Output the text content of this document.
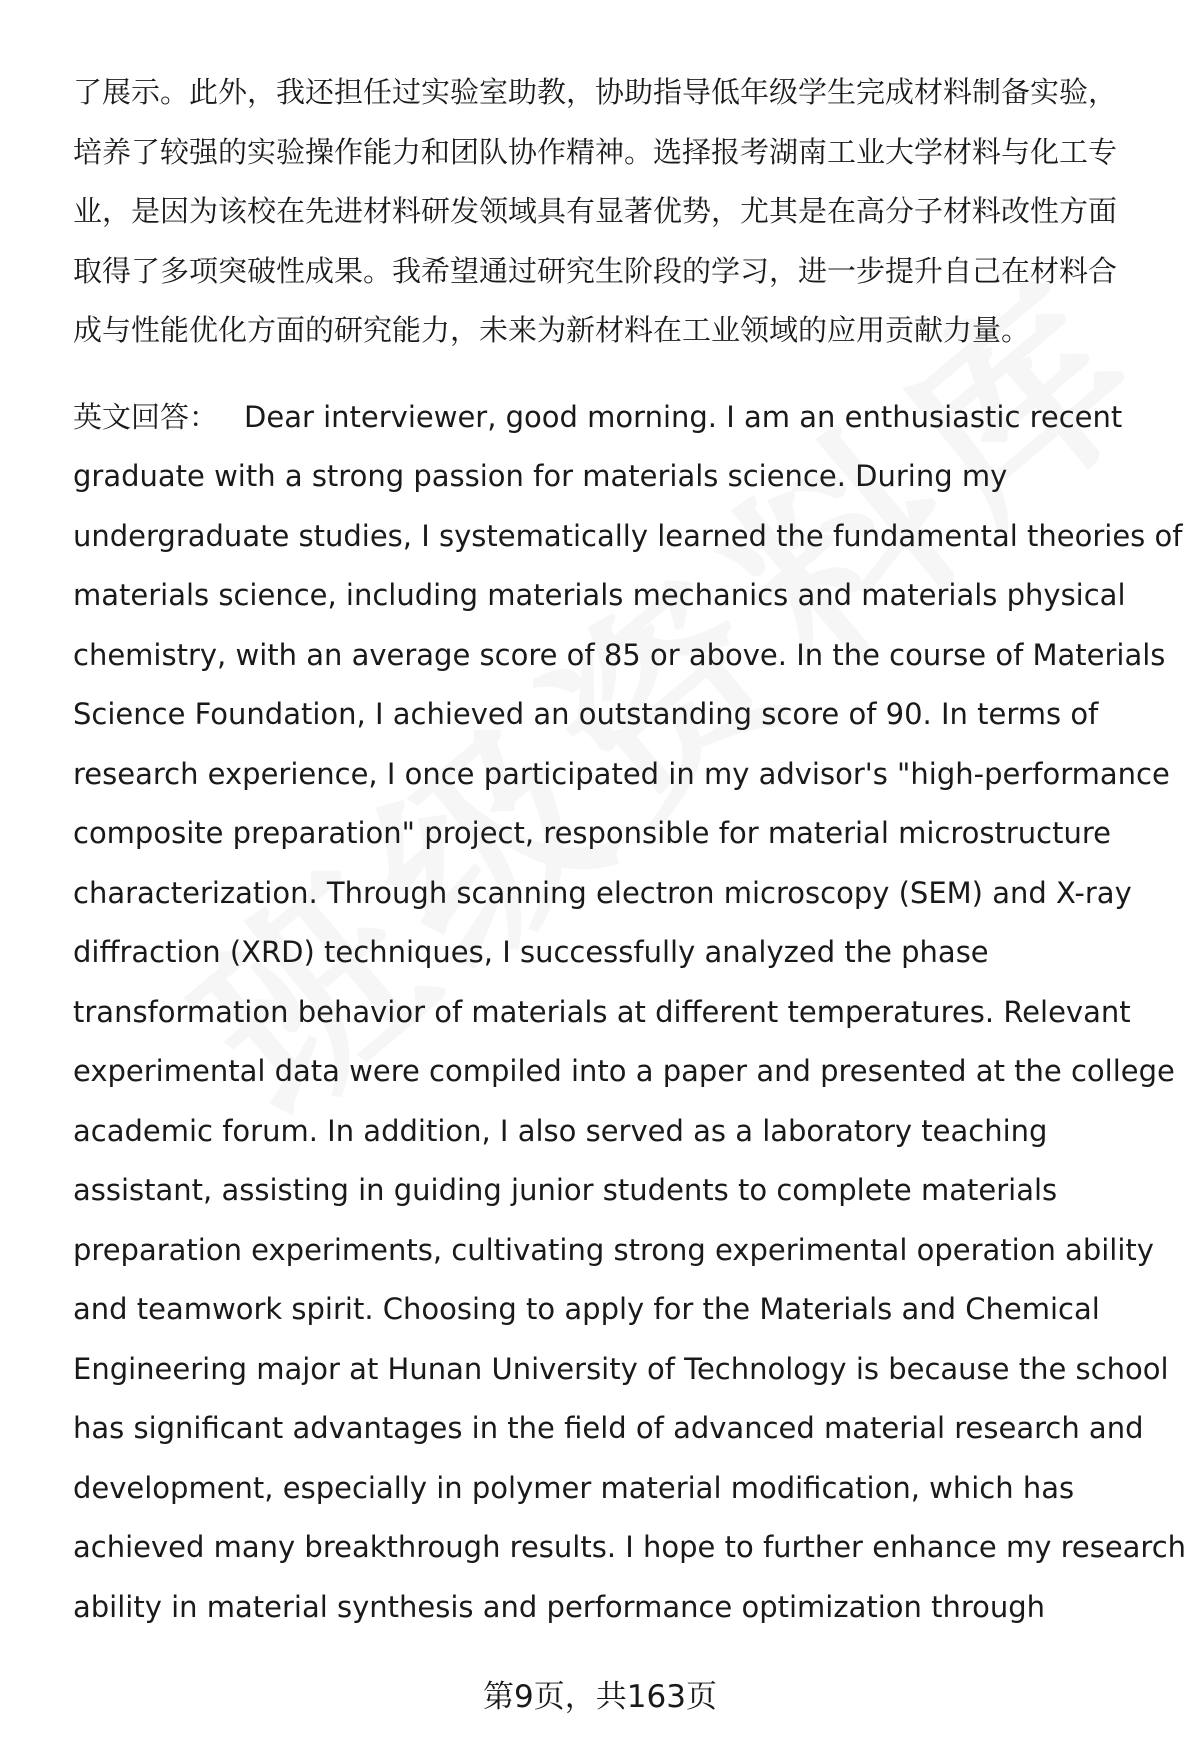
了展示。此外，我还担任过实验室助教，协助指导低年级学生完成材料制备实验，
培养了较强的实验操作能力和团队协作精神。选择报考湖南工业大学材料与化工专
业，是因为该校在先进材料研发领域具有显著优势，尤其是在高分子材料改性方面
取得了多项突破性成果。我希望通过研究生阶段的学习，进一步提升自己在材料合
成与性能优化方面的研究能力，未来为新材料在工业领域的应用贡献力量。
英文回答： Dear interviewer, good morning. I am an enthusiastic recent
graduate with a strong passion for materials science. During my
undergraduate studies, I systematically learned the fundamental theories of
materials science, including materials mechanics and materials physical
chemistry, with an average score of 85 or above. In the course of Materials
Science Foundation, I achieved an outstanding score of 90. In terms of
research experience, I once participated in my advisor's "high-performance
composite preparation" project, responsible for material microstructure
characterization. Through scanning electron microscopy (SEM) and X-ray
diffraction (XRD) techniques, I successfully analyzed the phase
transformation behavior of materials at different temperatures. Relevant
experimental data were compiled into a paper and presented at the college
academic forum. In addition, I also served as a laboratory teaching
assistant, assisting in guiding junior students to complete materials
preparation experiments, cultivating strong experimental operation ability
and teamwork spirit. Choosing to apply for the Materials and Chemical
Engineering major at Hunan University of Technology is because the school
has significant advantages in the field of advanced material research and
development, especially in polymer material modification, which has
achieved many breakthrough results. I hope to further enhance my research
ability in material synthesis and performance optimization through
第9页，共163页
